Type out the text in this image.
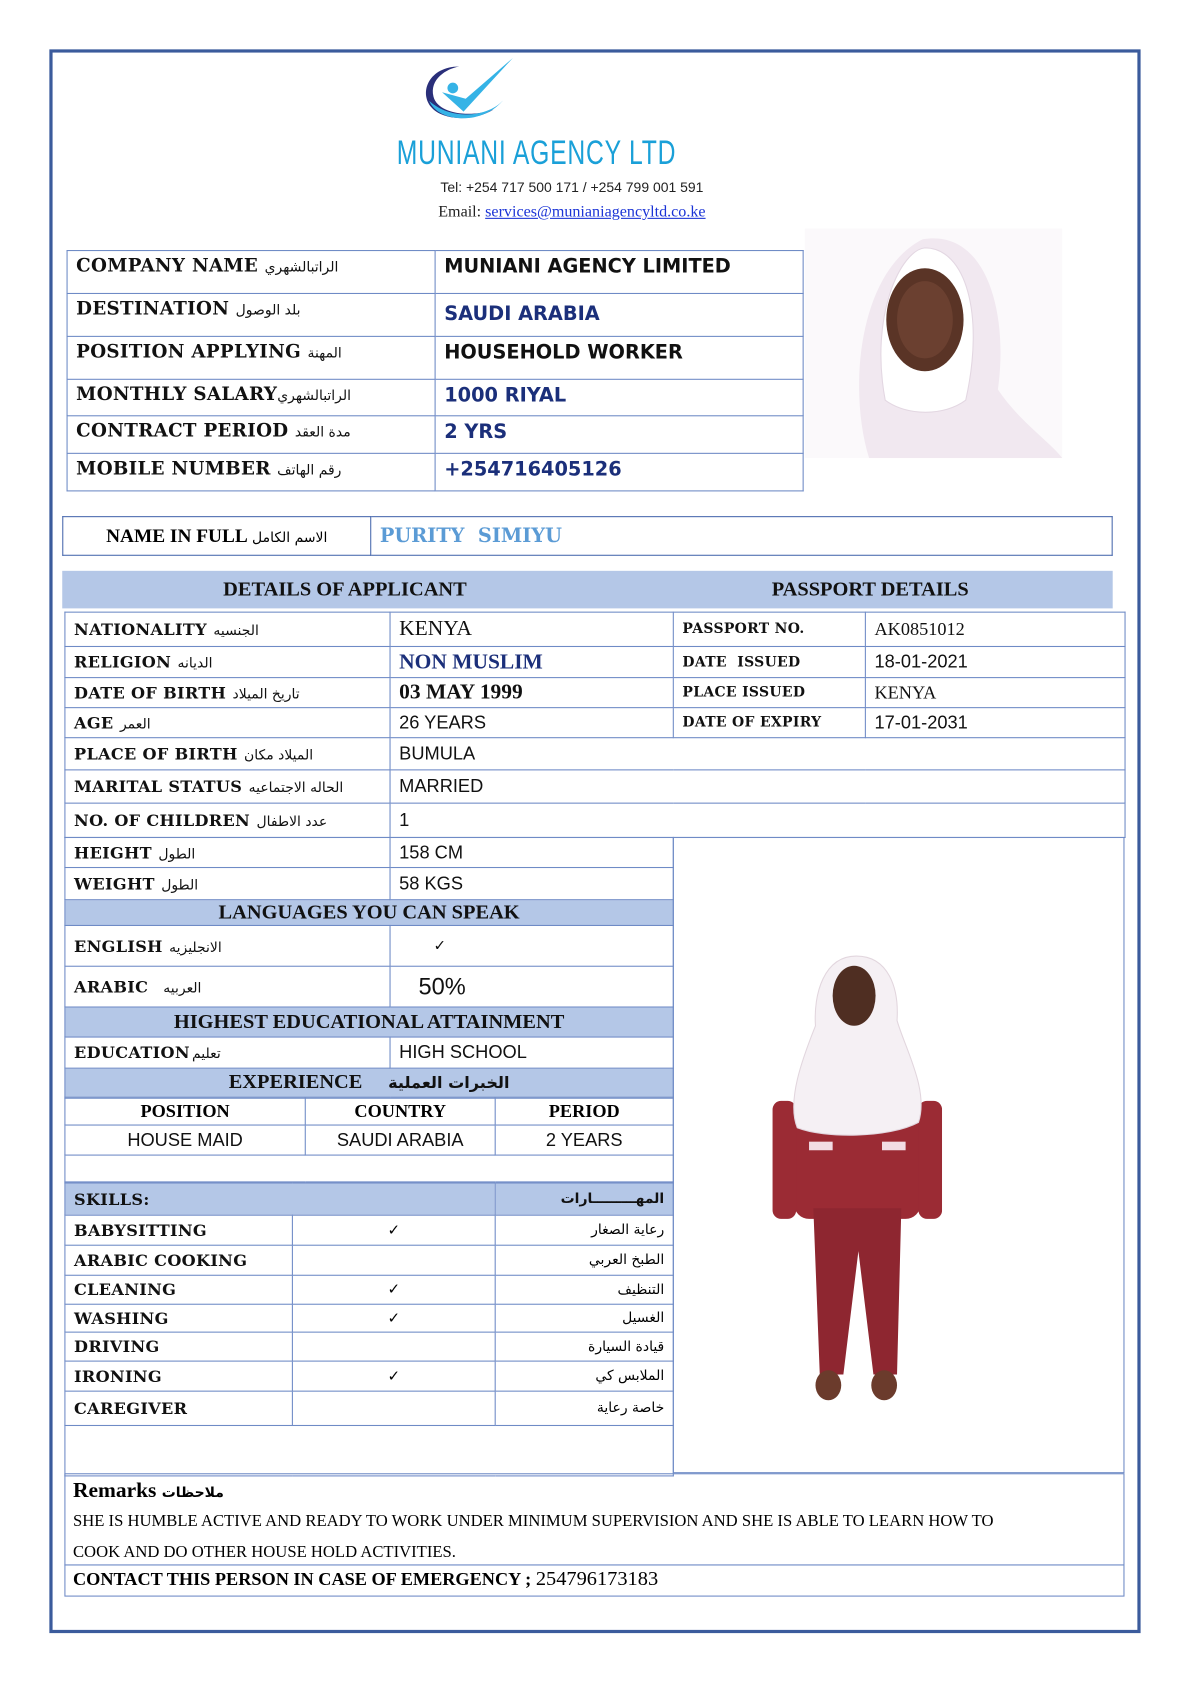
MUNIANI AGENCY LTD
Tel: +254 717 500 171 / +254 799 001 591
Email: services@munianiagencyltd.co.ke
COMPANY NAME الراتبالشهري	MUNIANI AGENCY LIMITED
DESTINATION بلد الوصول	SAUDI ARABIA
POSITION APPLYING المهنة	HOUSEHOLD WORKER
MONTHLY SALARYالراتبالشهري	1000 RIYAL
CONTRACT PERIOD مدة العقد	2 YRS
MOBILE NUMBER رقم الهاتف	+254716405126
NAME IN FULL الاسم الكامل	PURITY  SIMIYU
DETAILS OF APPLICANT	PASSPORT DETAILS
NATIONALITY الجنسيه	KENYA	PASSPORT NO.	AK0851012
RELIGION الديانه	NON MUSLIM	DATE  ISSUED	18-01-2021
DATE OF BIRTH تاريخ الميلاد	03 MAY 1999	PLACE ISSUED	KENYA
AGE العمر	26 YEARS	DATE OF EXPIRY	17-01-2031
PLACE OF BIRTH الميلاد مكان	BUMULA		
MARITAL STATUS الحاله الاجتماعيه	MARRIED		
NO. OF CHILDREN عدد الاطفال	1		
HEIGHT الطول	158 CM
WEIGHT الطول	58 KGS
LANGUAGES YOU CAN SPEAK	
ENGLISH الانجليزيه	✓
ARABIC العربيه	50%
HIGHEST EDUCATIONAL ATTAINMENT	
EDUCATION تعليم	HIGH SCHOOL
EXPERIENCE الخبرات العملية	
POSITION	COUNTRY	PERIOD
HOUSE MAID	SAUDI ARABIA	2 YEARS

SKILLS:		المهـــــــــارات
BABYSITTING	✓	رعاية الصغار
ARABIC COOKING		الطبخ العربي
CLEANING	✓	التنظيف
WASHING	✓	الغسيل
DRIVING		قيادة السيارة
IRONING	✓	الملابس كي
CAREGIVER		خاصة رعاية

Remarks ملاحظات
SHE IS HUMBLE ACTIVE AND READY TO WORK UNDER MINIMUM SUPERVISION AND SHE IS ABLE TO LEARN HOW TO
COOK AND DO OTHER HOUSE HOLD ACTIVITIES.
CONTACT THIS PERSON IN CASE OF EMERGENCY ; 254796173183
